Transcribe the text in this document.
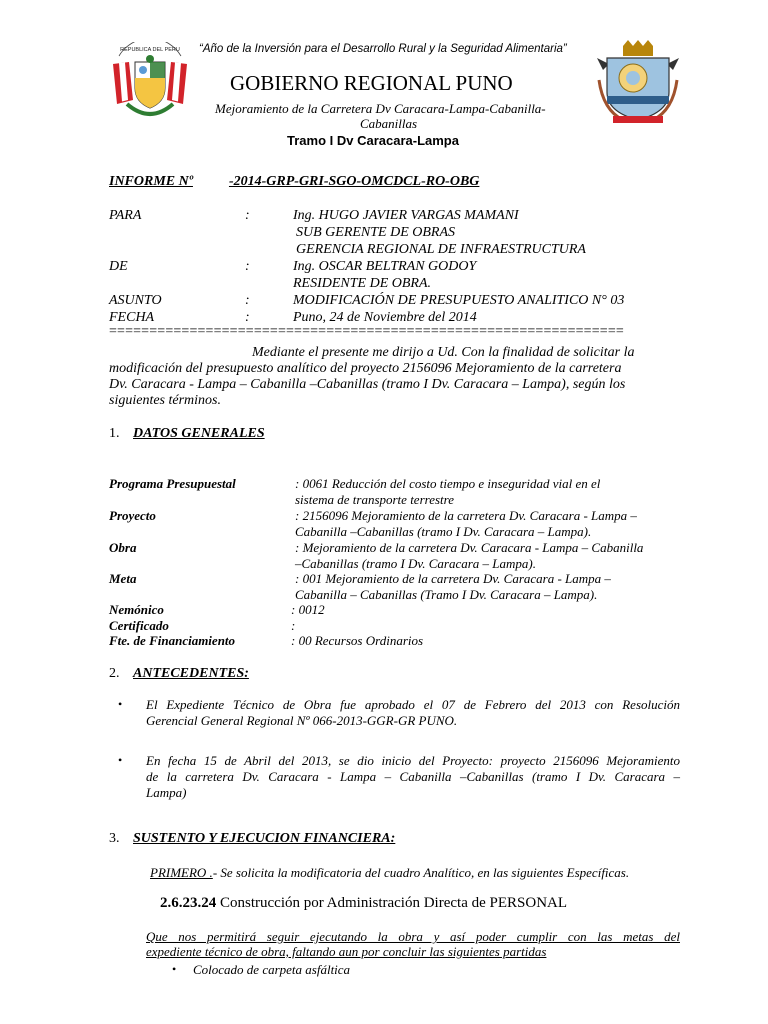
REPUBLICA DEL PERU “Año de la Inversión para el Desarrollo Rural y la Seguridad Alimentaria”
GOBIERNO REGIONAL PUNO
Mejoramiento de la Carretera Dv Caracara-Lampa-Cabanilla-
Cabanillas
Tramo I Dv Caracara-Lampa
INFORME Nº	-2014-GRP-GRI-SGO-OMCDCL-RO-OBG
PARA	:	Ing. HUGO JAVIER VARGAS MAMANI
SUB GERENTE DE OBRAS
GERENCIA REGIONAL DE INFRAESTRUCTURA
DE	:	Ing. OSCAR BELTRAN GODOY
RESIDENTE DE OBRA.
ASUNTO	:	MODIFICACIÓN DE PRESUPUESTO ANALITICO N° 03
FECHA	:	Puno, 24 de Noviembre del 2014
================================================================
Mediante el presente me dirijo a Ud. Con la finalidad de solicitar la
modificación del presupuesto analítico del proyecto 2156096 Mejoramiento de la carretera
Dv. Caracara - Lampa – Cabanilla –Cabanillas (tramo I Dv. Caracara – Lampa), según los
siguientes términos.
1. DATOS GENERALES
Programa Presupuestal	: 0061 Reducción del costo tiempo e inseguridad vial en el
sistema de transporte terrestre
Proyecto	: 2156096 Mejoramiento de la carretera Dv. Caracara - Lampa –
Cabanilla –Cabanillas (tramo I Dv. Caracara – Lampa).
Obra	: Mejoramiento de la carretera Dv. Caracara - Lampa – Cabanilla
–Cabanillas (tramo I Dv. Caracara – Lampa).
Meta	: 001 Mejoramiento de la carretera Dv. Caracara - Lampa –
Cabanilla – Cabanillas (Tramo I Dv. Caracara – Lampa).
Nemónico	: 0012
Certificado	:
Fte. de Financiamiento	: 00 Recursos Ordinarios
2. ANTECEDENTES:
• El Expediente Técnico de Obra fue aprobado el 07 de Febrero del 2013 con Resolución
Gerencial General Regional Nº 066-2013-GGR-GR PUNO.
• En fecha 15 de Abril del 2013, se dio inicio del Proyecto: proyecto 2156096 Mejoramiento
de la carretera Dv. Caracara - Lampa – Cabanilla –Cabanillas (tramo I Dv. Caracara –
Lampa)
3. SUSTENTO Y EJECUCION FINANCIERA:
PRIMERO .- Se solicita la modificatoria del cuadro Analítico, en las siguientes Específicas.
2.6.23.24 Construcción por Administración Directa de PERSONAL
Que nos permitirá seguir ejecutando la obra y así poder cumplir con las metas del
expediente técnico de obra, faltando aun por concluir las siguientes partidas
• Colocado de carpeta asfáltica
